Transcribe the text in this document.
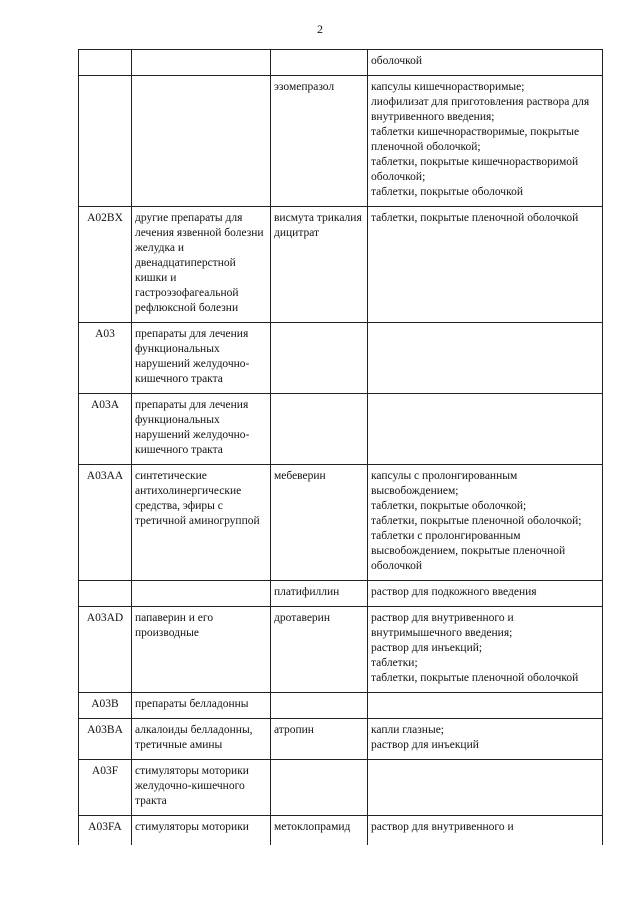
2
			оболочкой
		эзомепразол	капсулы кишечнорастворимые;
лиофилизат для приготовления раствора для внутривенного введения;
таблетки кишечнорастворимые, покрытые пленочной оболочкой;
таблетки, покрытые кишечнорастворимой оболочкой;
таблетки, покрытые оболочкой
A02BX	другие препараты для лечения язвенной болезни желудка и двенадцатиперстной кишки и гастроэзофагеальной рефлюксной болезни	висмута трикалия дицитрат	таблетки, покрытые пленочной оболочкой
A03	препараты для лечения функциональных нарушений желудочно-кишечного тракта		
A03A	препараты для лечения функциональных нарушений желудочно-кишечного тракта		
A03AA	синтетические антихолинергические средства, эфиры с третичной аминогруппой	мебеверин	капсулы с пролонгированным высвобождением;
таблетки, покрытые оболочкой;
таблетки, покрытые пленочной оболочкой;
таблетки с пролонгированным высвобождением, покрытые пленочной оболочкой
		платифиллин	раствор для подкожного введения
A03AD	папаверин и его производные	дротаверин	раствор для внутривенного и внутримышечного введения;
раствор для инъекций;
таблетки;
таблетки, покрытые пленочной оболочкой
A03B	препараты белладонны		
A03BA	алкалоиды белладонны, третичные амины	атропин	капли глазные;
раствор для инъекций
A03F	стимуляторы моторики желудочно-кишечного тракта		
A03FA	стимуляторы моторики	метоклопрамид	раствор для внутривенного и
